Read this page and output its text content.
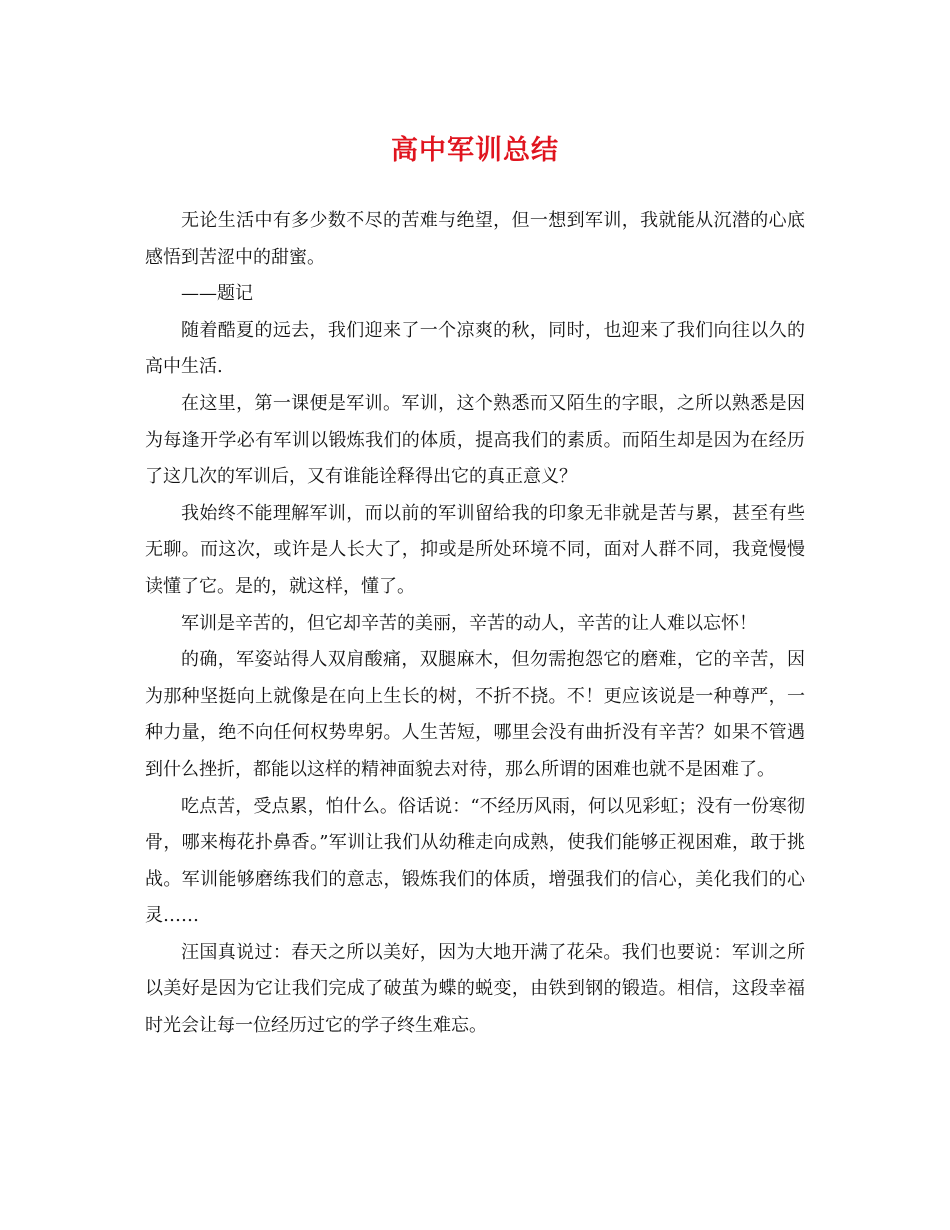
高中军训总结

无论生活中有多少数不尽的苦难与绝望，但一想到军训，我就能从沉潜的心底感悟到苦涩中的甜蜜。

——题记

随着酷夏的远去，我们迎来了一个凉爽的秋，同时，也迎来了我们向往以久的高中生活.

在这里，第一课便是军训。军训，这个熟悉而又陌生的字眼，之所以熟悉是因为每逢开学必有军训以锻炼我们的体质，提高我们的素质。而陌生却是因为在经历了这几次的军训后，又有谁能诠释得出它的真正意义？

我始终不能理解军训，而以前的军训留给我的印象无非就是苦与累，甚至有些无聊。而这次，或许是人长大了，抑或是所处环境不同，面对人群不同，我竟慢慢读懂了它。是的，就这样，懂了。

军训是辛苦的，但它却辛苦的美丽，辛苦的动人，辛苦的让人难以忘怀！

的确，军姿站得人双肩酸痛，双腿麻木，但勿需抱怨它的磨难，它的辛苦，因为那种坚挺向上就像是在向上生长的树，不折不挠。不！更应该说是一种尊严，一种力量，绝不向任何权势卑躬。人生苦短，哪里会没有曲折没有辛苦？如果不管遇到什么挫折，都能以这样的精神面貌去对待，那么所谓的困难也就不是困难了。

吃点苦，受点累，怕什么。俗话说：“不经历风雨，何以见彩虹；没有一份寒彻骨，哪来梅花扑鼻香。”军训让我们从幼稚走向成熟，使我们能够正视困难，敢于挑战。军训能够磨练我们的意志，锻炼我们的体质，增强我们的信心，美化我们的心灵……

汪国真说过：春天之所以美好，因为大地开满了花朵。我们也要说：军训之所以美好是因为它让我们完成了破茧为蝶的蜕变，由铁到钢的锻造。相信，这段幸福时光会让每一位经历过它的学子终生难忘。
